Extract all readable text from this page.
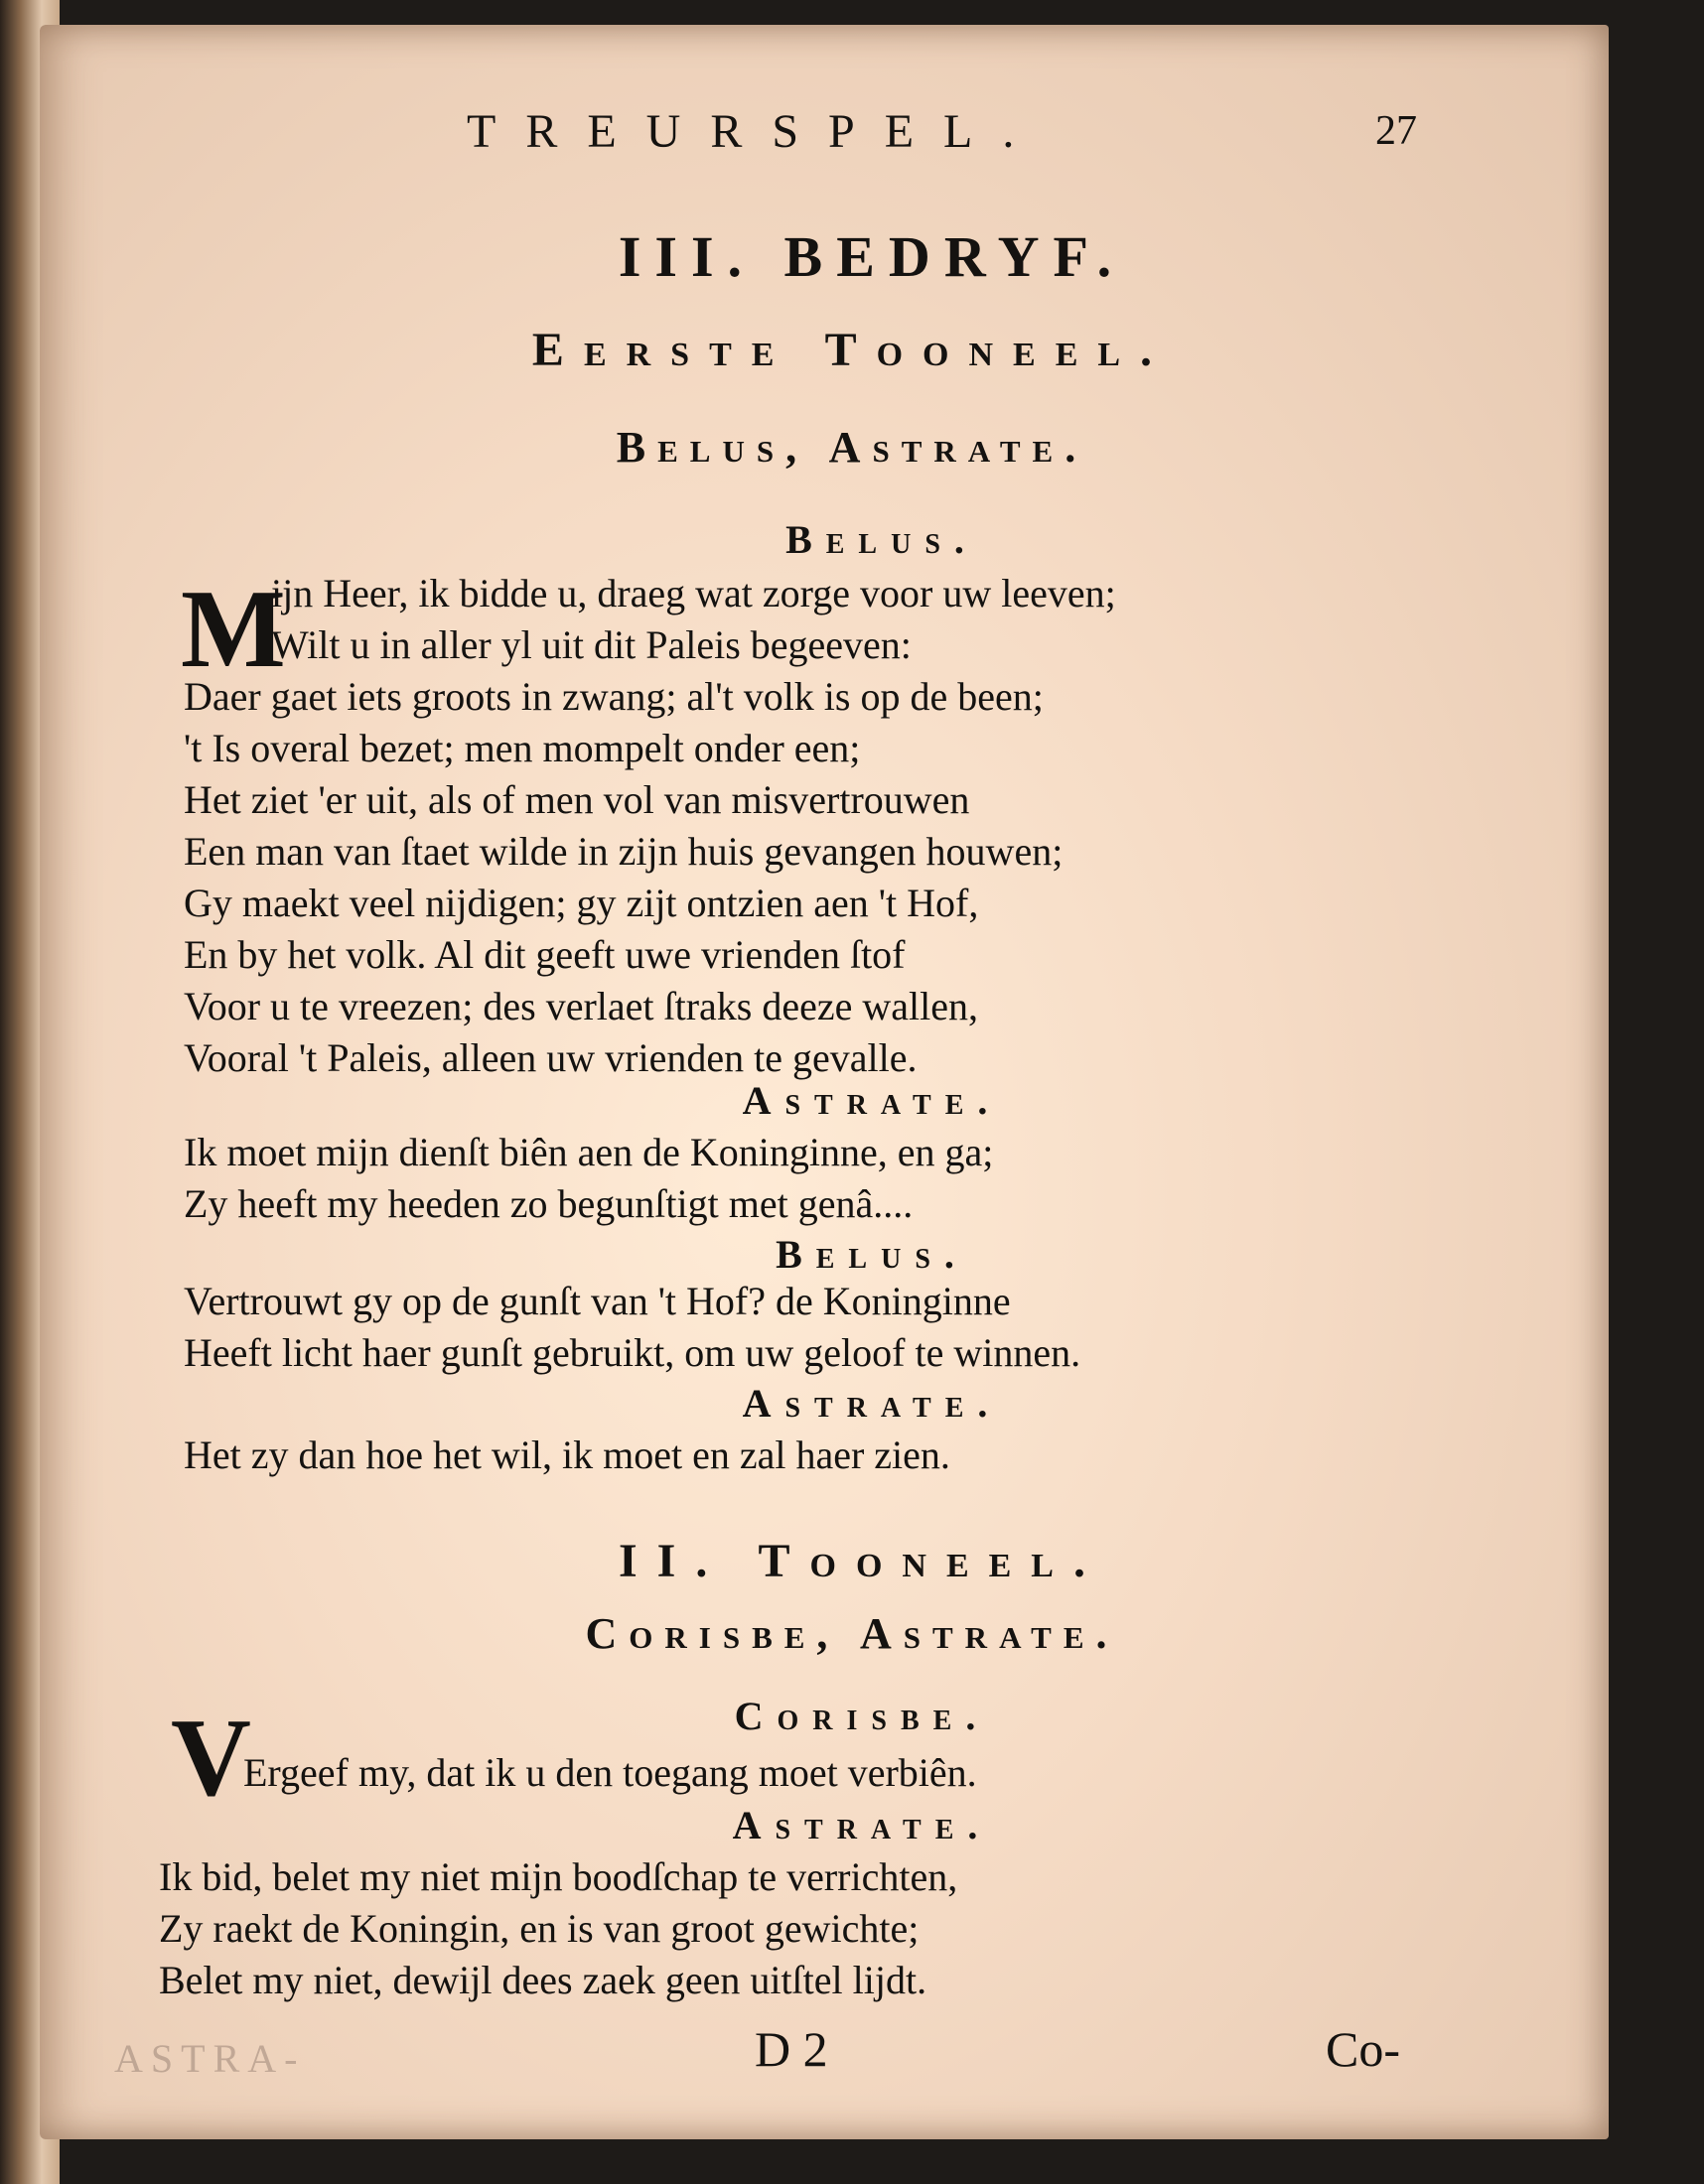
TREURSPEL.	27
III. BEDRYF.
Eerste Tooneel.
Belus, Astrate.
Belus.
M
ijn Heer, ik bidde u, draeg wat zorge voor uw leeven;
Wilt u in aller yl uit dit Paleis begeeven:
Daer gaet iets groots in zwang; al't volk is op de been;
't Is overal bezet; men mompelt onder een;
Het ziet 'er uit, als of men vol van misvertrouwen
Een man van ſtaet wilde in zijn huis gevangen houwen;
Gy maekt veel nijdigen; gy zijt ontzien aen 't Hof,
En by het volk. Al dit geeft uwe vrienden ſtof
Voor u te vreezen; des verlaet ſtraks deeze wallen,
Vooral 't Paleis, alleen uw vrienden te gevalle.
Astrate.
Ik moet mijn dienſt biên aen de Koninginne, en ga;
Zy heeft my heeden zo begunſtigt met genâ....
Belus.
Vertrouwt gy op de gunſt van 't Hof? de Koninginne
Heeft licht haer gunſt gebruikt, om uw geloof te winnen.
Astrate.
Het zy dan hoe het wil, ik moet en zal haer zien.
II. Tooneel.
Corisbe, Astrate.
Corisbe.
V
Ergeef my, dat ik u den toegang moet verbiên.
Astrate.
Ik bid, belet my niet mijn boodſchap te verrichten,
Zy raekt de Koningin, en is van groot gewichte;
Belet my niet, dewijl dees zaek geen uitſtel lijdt.
ASTRA-	D 2	Co-
